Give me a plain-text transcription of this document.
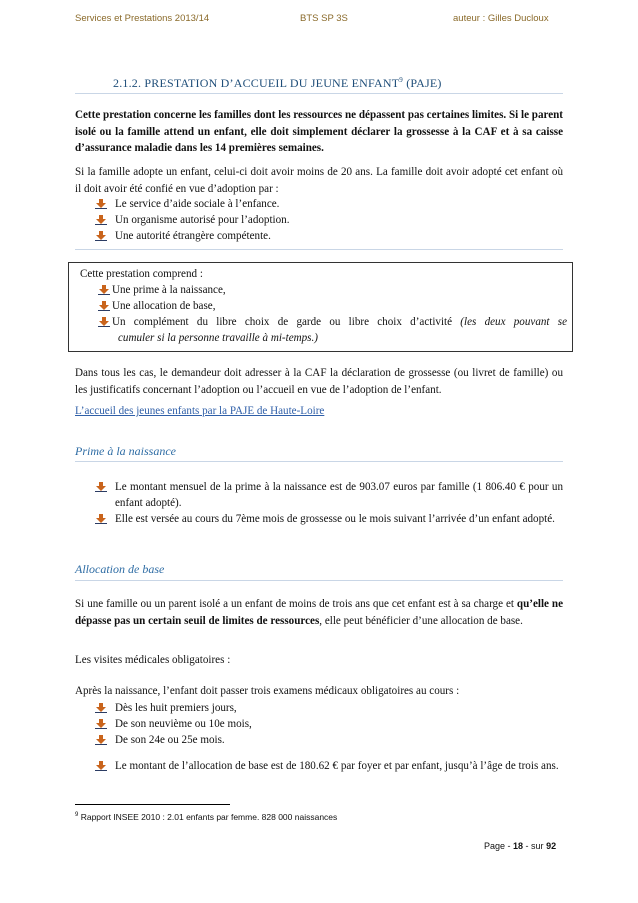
Services et Prestations 2013/14	BTS SP 3S	auteur : Gilles Ducloux
2.1.2. PRESTATION D’ACCUEIL DU JEUNE ENFANT$^9$ (PAJE)
Cette prestation concerne les familles dont les ressources ne dépassent pas certaines limites. Si le parent isolé ou la famille attend un enfant, elle doit simplement déclarer la grossesse à la CAF et à sa caisse d’assurance maladie dans les 14 premières semaines.
Si la famille adopte un enfant, celui-ci doit avoir moins de 20 ans. La famille doit avoir adopté cet enfant où il doit avoir été confié en vue d’adoption par :
Le service d’aide sociale à l’enfance.
Un organisme autorisé pour l’adoption.
Une autorité étrangère compétente.
Cette prestation comprend :
Une prime à la naissance,
Une allocation de base,
Un complément du libre choix de garde ou libre choix d’activité (les deux pouvant se
cumuler si la personne travaille à mi-temps.)
Dans tous les cas, le demandeur doit adresser à la CAF la déclaration de grossesse (ou livret de famille) ou les justificatifs concernant l’adoption ou l’accueil en vue de l’adoption de l’enfant.
L’accueil des jeunes enfants par la PAJE de Haute-Loire
Prime à la naissance
Le montant mensuel de la prime à la naissance est de 903.07 euros par famille (1 806.40 € pour un enfant adopté).
Elle est versée au cours du 7ème mois de grossesse ou le mois suivant l’arrivée d’un enfant adopté.
Allocation de base
Si une famille ou un parent isolé a un enfant de moins de trois ans que cet enfant est à sa charge et qu’elle ne dépasse pas un certain seuil de limites de ressources, elle peut bénéficier d’une allocation de base.
Les visites médicales obligatoires :
Après la naissance, l’enfant doit passer trois examens médicaux obligatoires au cours :
Dès les huit premiers jours,
De son neuvième ou 10e mois,
De son 24e ou 25e mois.
Le montant de l’allocation de base est de 180.62 € par foyer et par enfant, jusqu’à l’âge de trois ans.
$^9$ Rapport INSEE 2010 : 2.01 enfants par femme. 828 000 naissances
Page - 18 - sur 92
